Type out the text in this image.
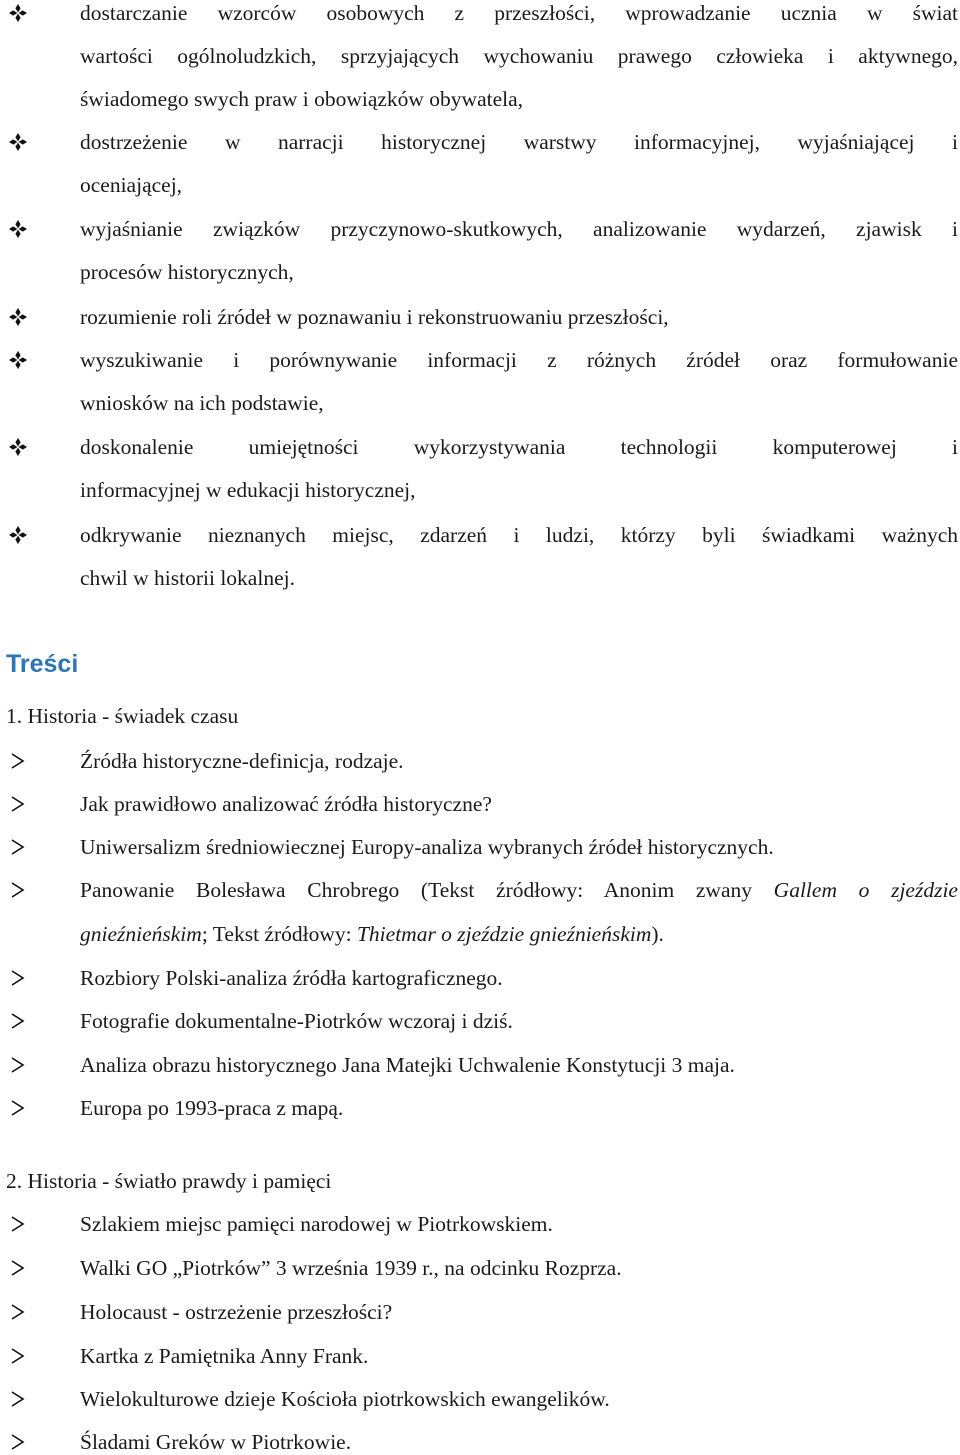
dostarczanie wzorców osobowych z przeszłości, wprowadzanie ucznia w świat
wartości ogólnoludzkich, sprzyjających wychowaniu prawego człowieka i aktywnego,
świadomego swych praw i obowiązków obywatela,
dostrzeżenie w narracji historycznej warstwy informacyjnej, wyjaśniającej i
oceniającej,
wyjaśnianie związków przyczynowo-skutkowych, analizowanie wydarzeń, zjawisk i
procesów historycznych,
rozumienie roli źródeł w poznawaniu i rekonstruowaniu przeszłości,
wyszukiwanie i porównywanie informacji z różnych źródeł oraz formułowanie
wniosków na ich podstawie,
doskonalenie umiejętności wykorzystywania technologii komputerowej i
informacyjnej w edukacji historycznej,
odkrywanie nieznanych miejsc, zdarzeń i ludzi, którzy byli świadkami ważnych
chwil w historii lokalnej.
Treści
1. Historia - świadek czasu
Źródła historyczne-definicja, rodzaje.
Jak prawidłowo analizować źródła historyczne?
Uniwersalizm średniowiecznej Europy-analiza wybranych źródeł historycznych.
Panowanie Bolesława Chrobrego (Tekst źródłowy: Anonim zwany Gallem o zjeździe
gnieźnieńskim; Tekst źródłowy: Thietmar o zjeździe gnieźnieńskim).
Rozbiory Polski-analiza źródła kartograficznego.
Fotografie dokumentalne-Piotrków wczoraj i dziś.
Analiza obrazu historycznego Jana Matejki Uchwalenie Konstytucji 3 maja.
Europa po 1993-praca z mapą.
2. Historia - światło prawdy i pamięci
Szlakiem miejsc pamięci narodowej w Piotrkowskiem.
Walki GO „Piotrków” 3 września 1939 r., na odcinku Rozprza.
Holocaust - ostrzeżenie przeszłości?
Kartka z Pamiętnika Anny Frank.
Wielokulturowe dzieje Kościoła piotrkowskich ewangelików.
Śladami Greków w Piotrkowie.
